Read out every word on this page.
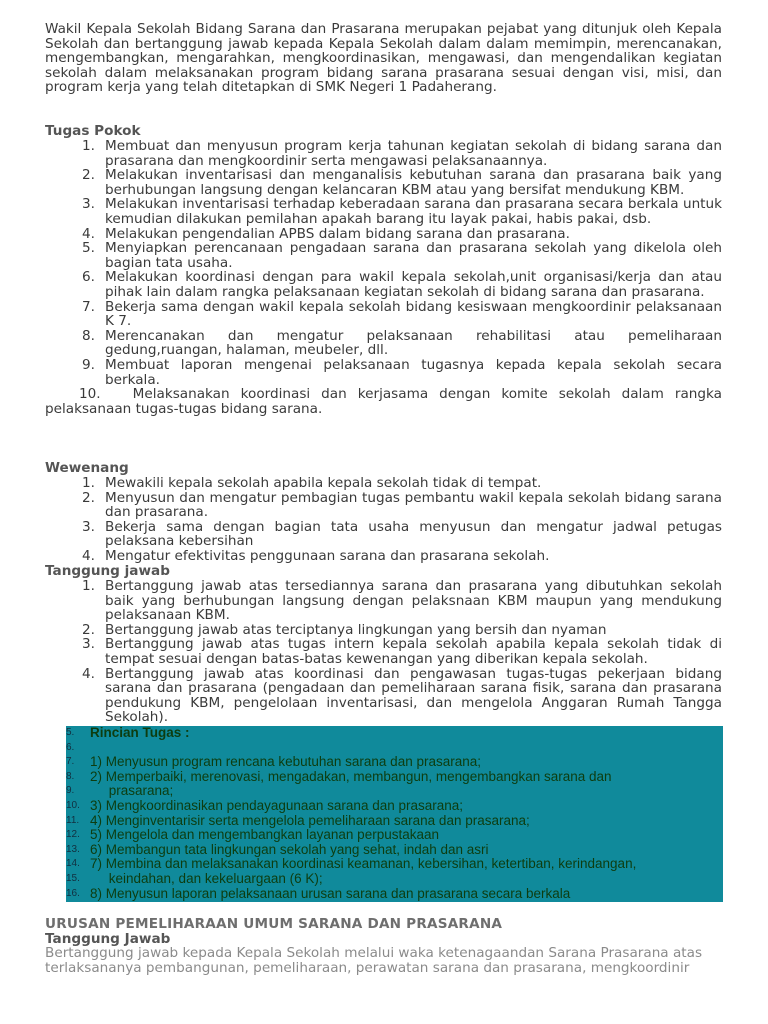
Wakil Kepala Sekolah Bidang Sarana dan Prasarana merupakan pejabat yang ditunjuk oleh Kepala Sekolah dan bertanggung jawab kepada Kepala Sekolah dalam dalam memimpin, merencanakan, mengembangkan, mengarahkan, mengkoordinasikan, mengawasi, dan mengendalikan kegiatan sekolah dalam melaksanakan program bidang sarana prasarana sesuai dengan visi, misi, dan program kerja yang telah ditetapkan di SMK Negeri 1 Padaherang.

Tugas Pokok

1. Membuat dan menyusun program kerja tahunan kegiatan sekolah di bidang sarana dan prasarana dan mengkoordinir serta mengawasi pelaksanaannya.
2. Melakukan inventarisasi dan menganalisis kebutuhan sarana dan prasarana baik yang berhubungan langsung dengan kelancaran KBM atau yang bersifat mendukung KBM.
3. Melakukan inventarisasi terhadap keberadaan sarana dan prasarana secara berkala untuk kemudian dilakukan pemilahan apakah barang itu layak pakai, habis pakai, dsb.
4. Melakukan pengendalian APBS dalam bidang sarana dan prasarana.
5. Menyiapkan perencanaan pengadaan sarana dan prasarana sekolah yang dikelola oleh bagian tata usaha.
6. Melakukan koordinasi dengan para wakil kepala sekolah,unit organisasi/kerja dan atau pihak lain dalam rangka pelaksanaan kegiatan sekolah di bidang sarana dan prasarana.
7. Bekerja sama dengan wakil kepala sekolah bidang kesiswaan mengkoordinir pelaksanaan K 7.
8. Merencanakan dan mengatur pelaksanaan rehabilitasi atau pemeliharaan gedung,ruangan, halaman, meubeler, dll.
9. Membuat laporan mengenai pelaksanaan tugasnya kepada kepala sekolah secara berkala.
10. Melaksanakan koordinasi dan kerjasama dengan komite sekolah dalam rangka pelaksanaan tugas-tugas bidang sarana.

Wewenang

1. Mewakili kepala sekolah apabila kepala sekolah tidak di tempat.
2. Menyusun dan mengatur pembagian tugas pembantu wakil kepala sekolah bidang sarana dan prasarana.
3. Bekerja sama dengan bagian tata usaha menyusun dan mengatur jadwal petugas pelaksana kebersihan
4. Mengatur efektivitas penggunaan sarana dan prasarana sekolah.

Tanggung jawab

1. Bertanggung jawab atas tersediannya sarana dan prasarana yang dibutuhkan sekolah baik yang berhubungan langsung dengan pelaksnaan KBM maupun yang mendukung pelaksanaan KBM.
2. Bertanggung jawab atas terciptanya lingkungan yang bersih dan nyaman
3. Bertanggung jawab atas tugas intern kepala sekolah apabila kepala sekolah tidak di tempat sesuai dengan batas-batas kewenangan yang diberikan kepala sekolah.
4. Bertanggung jawab atas koordinasi dan pengawasan tugas-tugas pekerjaan bidang sarana dan prasarana (pengadaan dan pemeliharaan sarana fisik, sarana dan prasarana pendukung KBM, pengelolaan inventarisasi, dan mengelola Anggaran Rumah Tangga Sekolah).
5. Rincian Tugas :
6.
7. 1) Menyusun program rencana kebutuhan sarana dan prasarana;
8. 2) Memperbaiki, merenovasi, mengadakan, membangun, mengembangkan sarana dan
9. prasarana;
10. 3) Mengkoordinasikan pendayagunaan sarana dan prasarana;
11. 4) Menginventarisir serta mengelola pemeliharaan sarana dan prasarana;
12. 5) Mengelola dan mengembangkan layanan perpustakaan
13. 6) Membangun tata lingkungan sekolah yang sehat, indah dan asri
14. 7) Membina dan melaksanakan koordinasi keamanan, kebersihan, ketertiban, kerindangan,
15. keindahan, dan kekeluargaan (6 K);
16. 8) Menyusun laporan pelaksanaan urusan sarana dan prasarana secara berkala

URUSAN PEMELIHARAAN UMUM SARANA DAN PRASARANA

Tanggung Jawab

Bertanggung jawab kepada Kepala Sekolah melalui waka ketenagaandan Sarana Prasarana atas terlaksananya pembangunan, pemeliharaan, perawatan sarana dan prasarana, mengkoordinir
